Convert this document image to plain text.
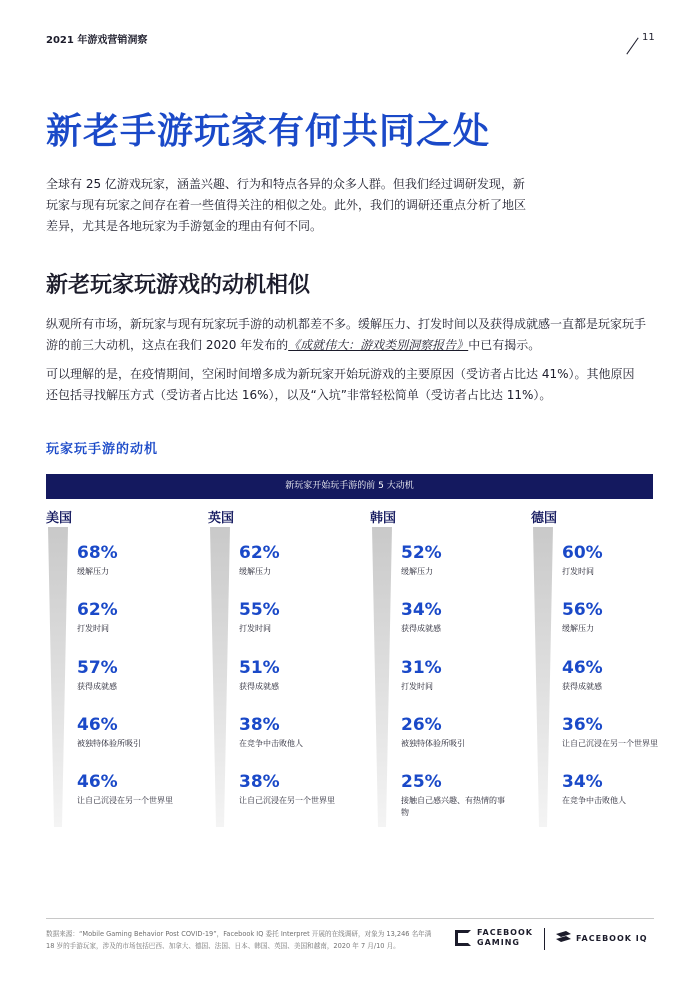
2021 年游戏营销洞察	11
新老手游玩家有何共同之处

全球有 25 亿游戏玩家，涵盖兴趣、行为和特点各异的众多人群。但我们经过调研发现，新玩家与现有玩家之间存在着一些值得关注的相似之处。此外，我们的调研还重点分析了地区差异，尤其是各地玩家为手游氪金的理由有何不同。

新老玩家玩游戏的动机相似

纵观所有市场，新玩家与现有玩家玩手游的动机都差不多。缓解压力、打发时间以及获得成就感一直都是玩家玩手游的前三大动机，这点在我们 2020 年发布的《成就伟大：游戏类别洞察报告》中已有揭示。

可以理解的是，在疫情期间，空闲时间增多成为新玩家开始玩游戏的主要原因（受访者占比达 41%）。其他原因还包括寻找解压方式（受访者占比达 16%），以及“入坑”非常轻松简单（受访者占比达 11%）。

玩家玩手游的动机
新玩家开始玩手游的前 5 大动机
美国
68%
缓解压力
62%
打发时间
57%
获得成就感
46%
被独特体验所吸引
46%
让自己沉浸在另一个世界里
英国
62%
缓解压力
55%
打发时间
51%
获得成就感
38%
在竞争中击败他人
38%
让自己沉浸在另一个世界里
韩国
52%
缓解压力
34%
获得成就感
31%
打发时间
26%
被独特体验所吸引
25%
接触自己感兴趣、有热情的事物
德国
60%
打发时间
56%
缓解压力
46%
获得成就感
36%
让自己沉浸在另一个世界里
34%
在竞争中击败他人
数据来源：“Mobile Gaming Behavior Post COVID-19”，Facebook IQ 委托 Interpret 开展的在线调研，对象为 13,246 名年满 18 岁的手游玩家，涉及的市场包括巴西、加拿大、德国、法国、日本、韩国、英国、美国和越南，2020 年 7 月/10 月。
FACEBOOK
GAMING	FACEBOOK IQ
